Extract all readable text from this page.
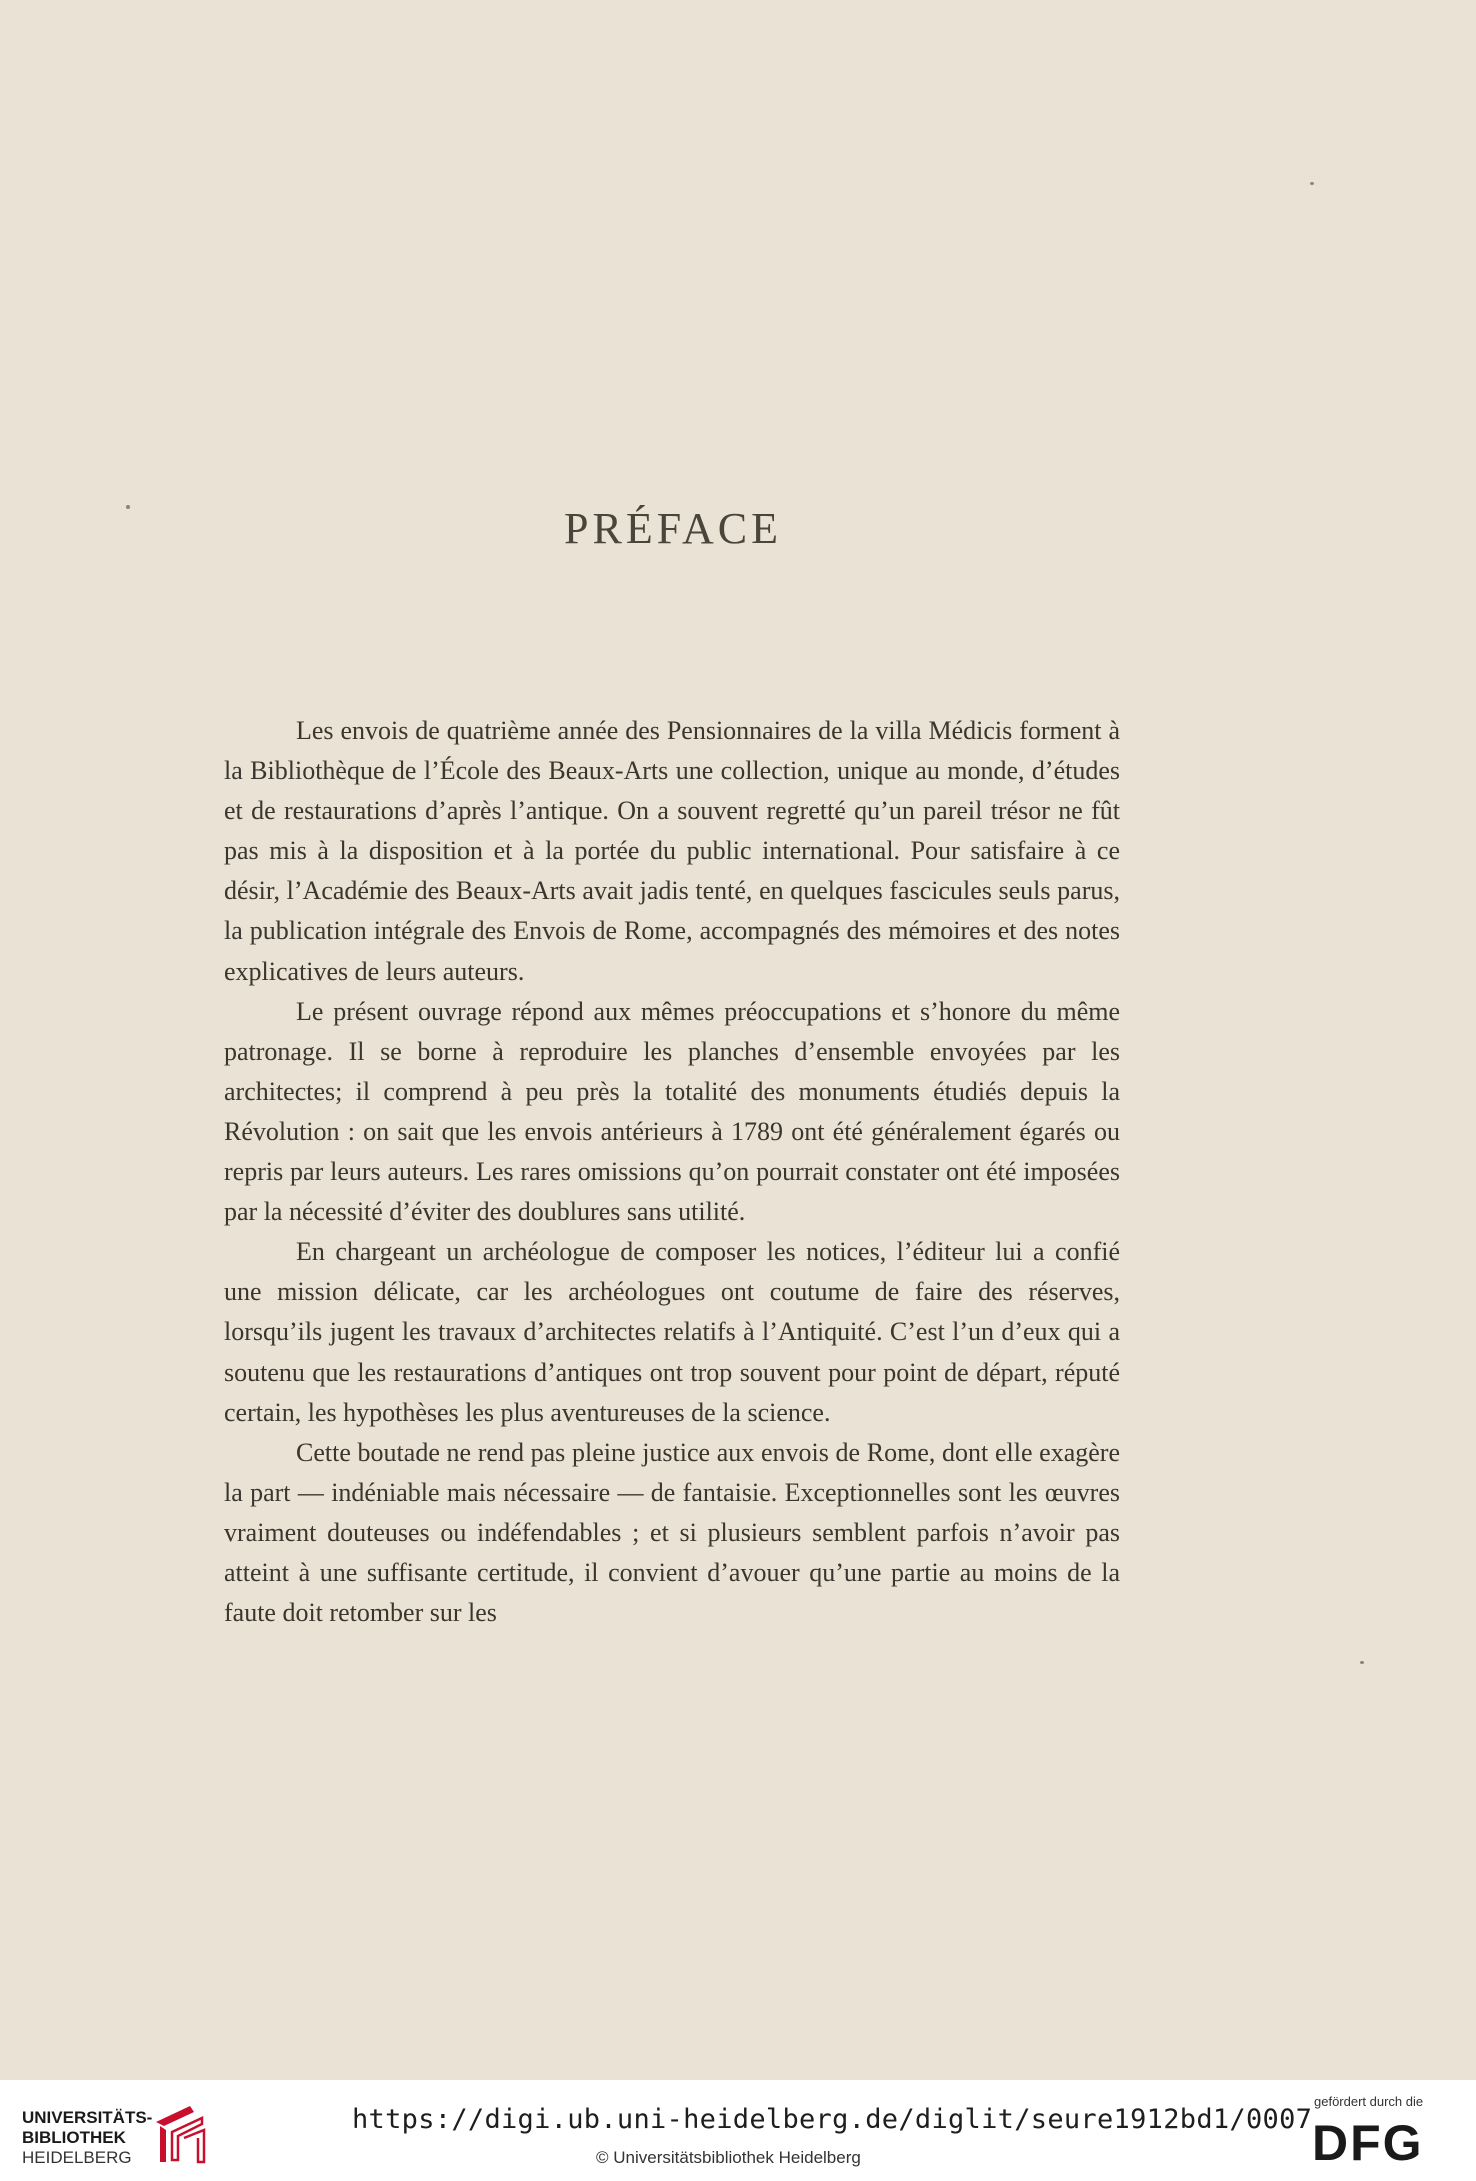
PRÉFACE

Les envois de quatrième année des Pensionnaires de la villa Médicis forment à la Bibliothèque de l’École des Beaux-Arts une collection, unique au monde, d’études et de restaurations d’après l’antique. On a souvent regretté qu’un pareil trésor ne fût pas mis à la disposition et à la portée du public international. Pour satisfaire à ce désir, l’Académie des Beaux-Arts avait jadis tenté, en quelques fascicules seuls parus, la publication intégrale des Envois de Rome, accompagnés des mémoires et des notes explicatives de leurs auteurs.

Le présent ouvrage répond aux mêmes préoccupations et s’honore du même patronage. Il se borne à reproduire les planches d’ensemble envoyées par les architectes; il comprend à peu près la totalité des monuments étudiés depuis la Révolution : on sait que les envois antérieurs à 1789 ont été généralement égarés ou repris par leurs auteurs. Les rares omissions qu’on pourrait constater ont été imposées par la nécessité d’éviter des doublures sans utilité.

En chargeant un archéologue de composer les notices, l’éditeur lui a confié une mission délicate, car les archéologues ont coutume de faire des réserves, lorsqu’ils jugent les travaux d’architectes relatifs à l’Antiquité. C’est l’un d’eux qui a soutenu que les restaurations d’antiques ont trop souvent pour point de départ, réputé certain, les hypothèses les plus aventureuses de la science.

Cette boutade ne rend pas pleine justice aux envois de Rome, dont elle exagère la part — indéniable mais nécessaire — de fantaisie. Exceptionnelles sont les œuvres vraiment douteuses ou indéfendables ; et si plusieurs semblent parfois n’avoir pas atteint à une suffisante certitude, il convient d’avouer qu’une partie au moins de la faute doit retomber sur les

UNIVERSITÄTS-
BIBLIOTHEK
HEIDELBERG
https://digi.ub.uni-heidelberg.de/diglit/seure1912bd1/0007
© Universitätsbibliothek Heidelberg
gefördert durch die
DFG
